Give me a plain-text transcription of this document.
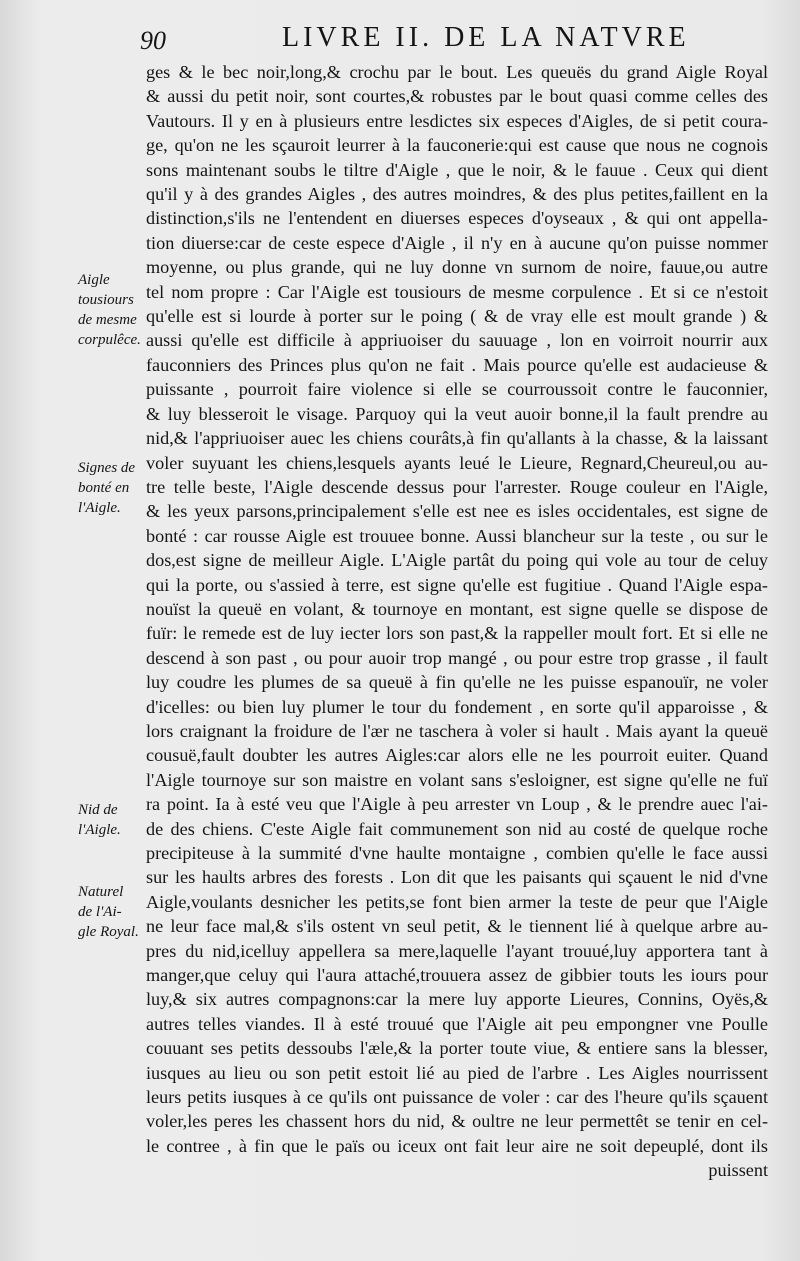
90	LIVRE II. DE LA NATVRE
Aigle
tousiours
de mesme
corpulêce.
Signes de
bonté en
l'Aigle.
Nid de
l'Aigle.
Naturel
de l'Ai-
gle Royal.
ges & le bec noir,long,& crochu par le bout. Les queuës du grand Aigle Royal
& aussi du petit noir, sont courtes,& robustes par le bout quasi comme celles des
Vautours. Il y en à plusieurs entre lesdictes six especes d'Aigles, de si petit coura-
ge, qu'on ne les sçauroit leurrer à la fauconerie:qui est cause que nous ne cognois
sons maintenant soubs le tiltre d'Aigle , que le noir, & le fauue . Ceux qui dient
qu'il y à des grandes Aigles , des autres moindres, & des plus petites,faillent en la
distinction,s'ils ne l'entendent en diuerses especes d'oyseaux , & qui ont appella-
tion diuerse:car de ceste espece d'Aigle , il n'y en à aucune qu'on puisse nommer
moyenne, ou plus grande, qui ne luy donne vn surnom de noire, fauue,ou autre
tel nom propre : Car l'Aigle est tousiours de mesme corpulence . Et si ce n'estoit
qu'elle est si lourde à porter sur le poing ( & de vray elle est moult grande ) &
aussi qu'elle est difficile à appriuoiser du sauuage , lon en voirroit nourrir aux
fauconniers des Princes plus qu'on ne fait . Mais pource qu'elle est audacieuse &
puissante , pourroit faire violence si elle se courroussoit contre le fauconnier,
& luy blesseroit le visage. Parquoy qui la veut auoir bonne,il la fault prendre au
nid,& l'appriuoiser auec les chiens courâts,à fin qu'allants à la chasse, & la laissant
voler suyuant les chiens,lesquels ayants leué le Lieure, Regnard,Cheureul,ou au-
tre telle beste, l'Aigle descende dessus pour l'arrester. Rouge couleur en l'Aigle,
& les yeux parsons,principalement s'elle est nee es isles occidentales, est signe de
bonté : car rousse Aigle est trouuee bonne. Aussi blancheur sur la teste , ou sur le
dos,est signe de meilleur Aigle. L'Aigle partât du poing qui vole au tour de celuy
qui la porte, ou s'assied à terre, est signe qu'elle est fugitiue . Quand l'Aigle espa-
nouïst la queuë en volant, & tournoye en montant, est signe quelle se dispose de
fuïr: le remede est de luy iecter lors son past,& la rappeller moult fort. Et si elle ne
descend à son past , ou pour auoir trop mangé , ou pour estre trop grasse , il fault
luy coudre les plumes de sa queuë à fin qu'elle ne les puisse espanouïr, ne voler
d'icelles: ou bien luy plumer le tour du fondement , en sorte qu'il apparoisse , &
lors craignant la froidure de l'ær ne taschera à voler si hault . Mais ayant la queuë
cousuë,fault doubter les autres Aigles:car alors elle ne les pourroit euiter. Quand
l'Aigle tournoye sur son maistre en volant sans s'esloigner, est signe qu'elle ne fuï
ra point. Ia à esté veu que l'Aigle à peu arrester vn Loup , & le prendre auec l'ai-
de des chiens. C'este Aigle fait communement son nid au costé de quelque roche
precipiteuse à la summité d'vne haulte montaigne , combien qu'elle le face aussi
sur les haults arbres des forests . Lon dit que les paisants qui sçauent le nid d'vne
Aigle,voulants desnicher les petits,se font bien armer la teste de peur que l'Aigle
ne leur face mal,& s'ils ostent vn seul petit, & le tiennent lié à quelque arbre au-
pres du nid,icelluy appellera sa mere,laquelle l'ayant trouué,luy apportera tant à
manger,que celuy qui l'aura attaché,trouuera assez de gibbier touts les iours pour
luy,& six autres compagnons:car la mere luy apporte Lieures, Connins, Oyës,&
autres telles viandes. Il à esté trouué que l'Aigle ait peu empongner vne Poulle
couuant ses petits dessoubs l'æle,& la porter toute viue, & entiere sans la blesser,
iusques au lieu ou son petit estoit lié au pied de l'arbre . Les Aigles nourrissent
leurs petits iusques à ce qu'ils ont puissance de voler : car des l'heure qu'ils sçauent
voler,les peres les chassent hors du nid, & oultre ne leur permettêt se tenir en cel-
le contree , à fin que le païs ou iceux ont fait leur aire ne soit depeuplé, dont ils
puissent
